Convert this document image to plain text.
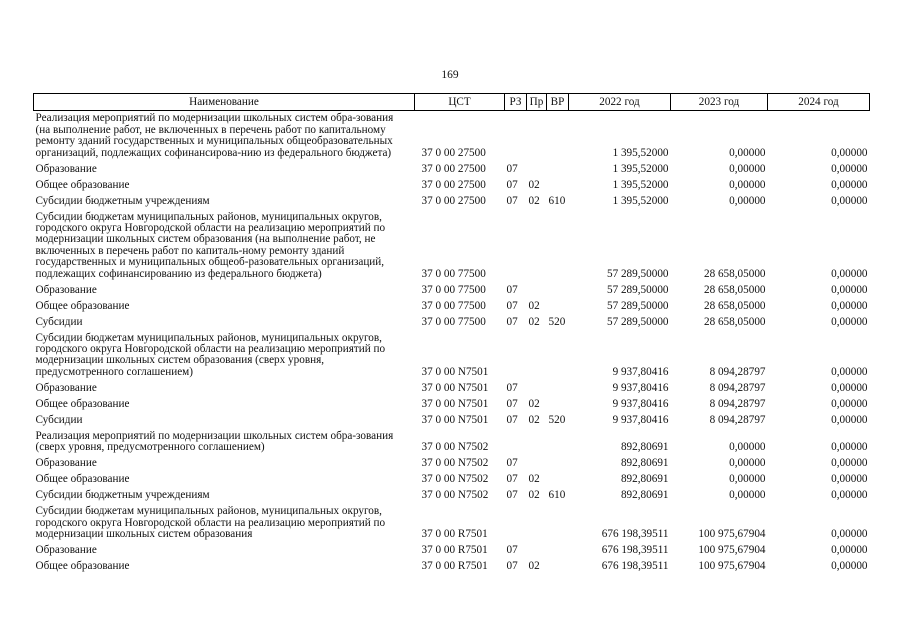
169
Наименование	ЦСТ	РЗ	Пр	ВР	2022 год	2023 год	2024 год
Реализация мероприятий по модернизации школьных систем обра-зования (на выполнение работ, не включенных в перечень работ по капитальному ремонту зданий государственных и муниципальных общеобразовательных организаций, подлежащих софинансирова-нию из федерального бюджета)	37 0 00 27500				1 395,52000	0,00000	0,00000
Образование	37 0 00 27500	07			1 395,52000	0,00000	0,00000
Общее образование	37 0 00 27500	07	02		1 395,52000	0,00000	0,00000
Субсидии бюджетным учреждениям	37 0 00 27500	07	02	610	1 395,52000	0,00000	0,00000
Субсидии бюджетам муниципальных районов, муниципальных округов, городского округа Новгородской области на реализацию мероприятий по модернизации школьных систем образования (на выполнение работ, не включенных в перечень работ по капиталь-ному ремонту зданий государственных и муниципальных общеоб-разовательных организаций, подлежащих софинансированию из федерального бюджета)	37 0 00 77500				57 289,50000	28 658,05000	0,00000
Образование	37 0 00 77500	07			57 289,50000	28 658,05000	0,00000
Общее образование	37 0 00 77500	07	02		57 289,50000	28 658,05000	0,00000
Субсидии	37 0 00 77500	07	02	520	57 289,50000	28 658,05000	0,00000
Субсидии бюджетам муниципальных районов, муниципальных округов, городского округа Новгородской области на реализацию мероприятий по модернизации школьных систем образования (сверх уровня, предусмотренного соглашением)	37 0 00 N7501				9 937,80416	8 094,28797	0,00000
Образование	37 0 00 N7501	07			9 937,80416	8 094,28797	0,00000
Общее образование	37 0 00 N7501	07	02		9 937,80416	8 094,28797	0,00000
Субсидии	37 0 00 N7501	07	02	520	9 937,80416	8 094,28797	0,00000
Реализация мероприятий по модернизации школьных систем обра-зования (сверх уровня, предусмотренного соглашением)	37 0 00 N7502				892,80691	0,00000	0,00000
Образование	37 0 00 N7502	07			892,80691	0,00000	0,00000
Общее образование	37 0 00 N7502	07	02		892,80691	0,00000	0,00000
Субсидии бюджетным учреждениям	37 0 00 N7502	07	02	610	892,80691	0,00000	0,00000
Субсидии бюджетам муниципальных районов, муниципальных округов, городского округа Новгородской области на реализацию мероприятий по модернизации школьных систем образования	37 0 00 R7501				676 198,39511	100 975,67904	0,00000
Образование	37 0 00 R7501	07			676 198,39511	100 975,67904	0,00000
Общее образование	37 0 00 R7501	07	02		676 198,39511	100 975,67904	0,00000
